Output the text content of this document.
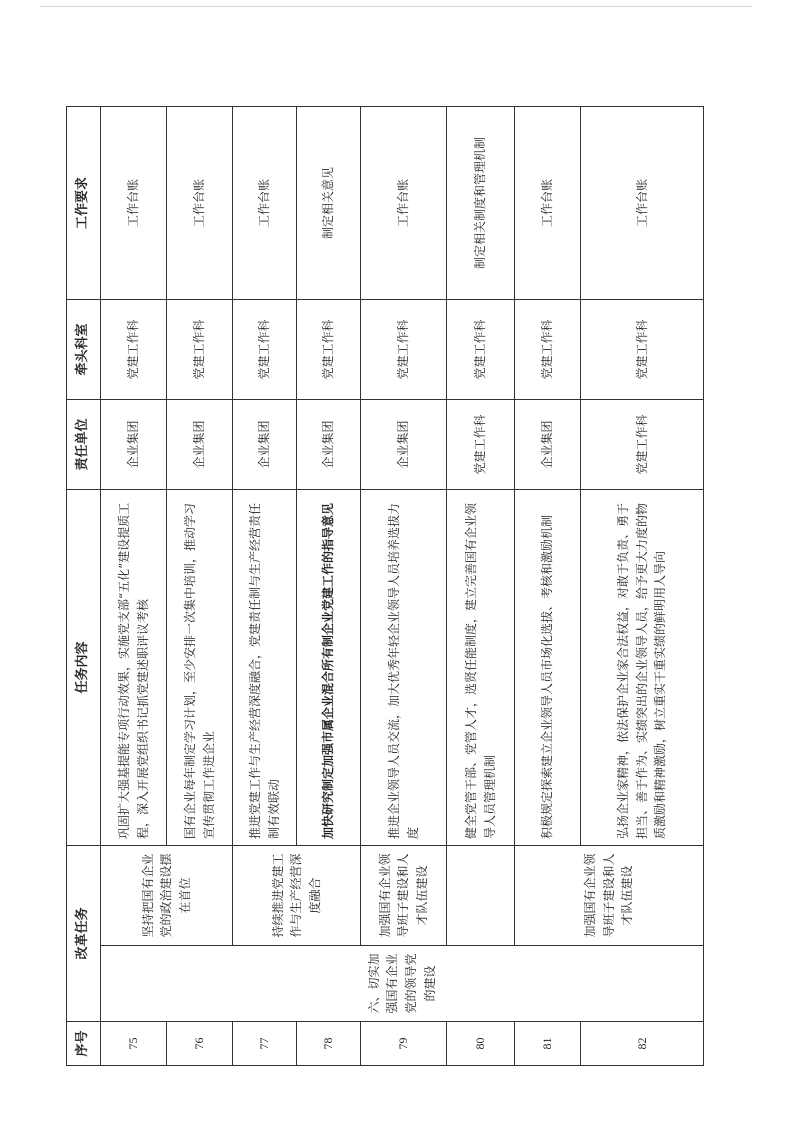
序号	改革任务		任务内容	责任单位	牵头科室	工作要求
75	六、切实加强国有企业党的领导党的建设	坚持把国有企业党的政治建设摆在首位	巩固扩大强基提能专项行动效果，实施党支部“五化”建设提质工程，深入开展党组织书记抓党建述职评议考核	企业集团	党建工作科	工作台账
76			国有企业每年制定学习计划，至少安排一次集中培训，推动学习宣传贯彻工作进企业	企业集团	党建工作科	工作台账
77		持续推进党建工作与生产经营深度融合	推进党建工作与生产经营深度融合，党建责任制与生产经营责任制有效联动	企业集团	党建工作科	工作台账
78			加快研究制定加强市属企业混合所有制企业党建工作的指导意见	企业集团	党建工作科	制定相关意见
79		加强国有企业领导班子建设和人才队伍建设	推进企业领导人员交流，加大优秀年轻企业领导人员培养选拔力度	企业集团	党建工作科	工作台账
80			健全党管干部、党管人才，选贤任能制度，建立完善国有企业领导人员管理机制	党建工作科	党建工作科	制定相关制度和管理机制
81		加强国有企业领导班子建设和人才队伍建设	积极规定探索建立企业领导人员市场化选拔、考核和激励机制	企业集团	党建工作科	工作台账
82			弘扬企业家精神，依法保护企业家合法权益，对敢于负责、勇于担当、善于作为、实绩突出的企业领导人员，给予更大力度的物质激励和精神激励，树立重实干重实绩的鲜明用人导向	党建工作科	党建工作科	工作台账
